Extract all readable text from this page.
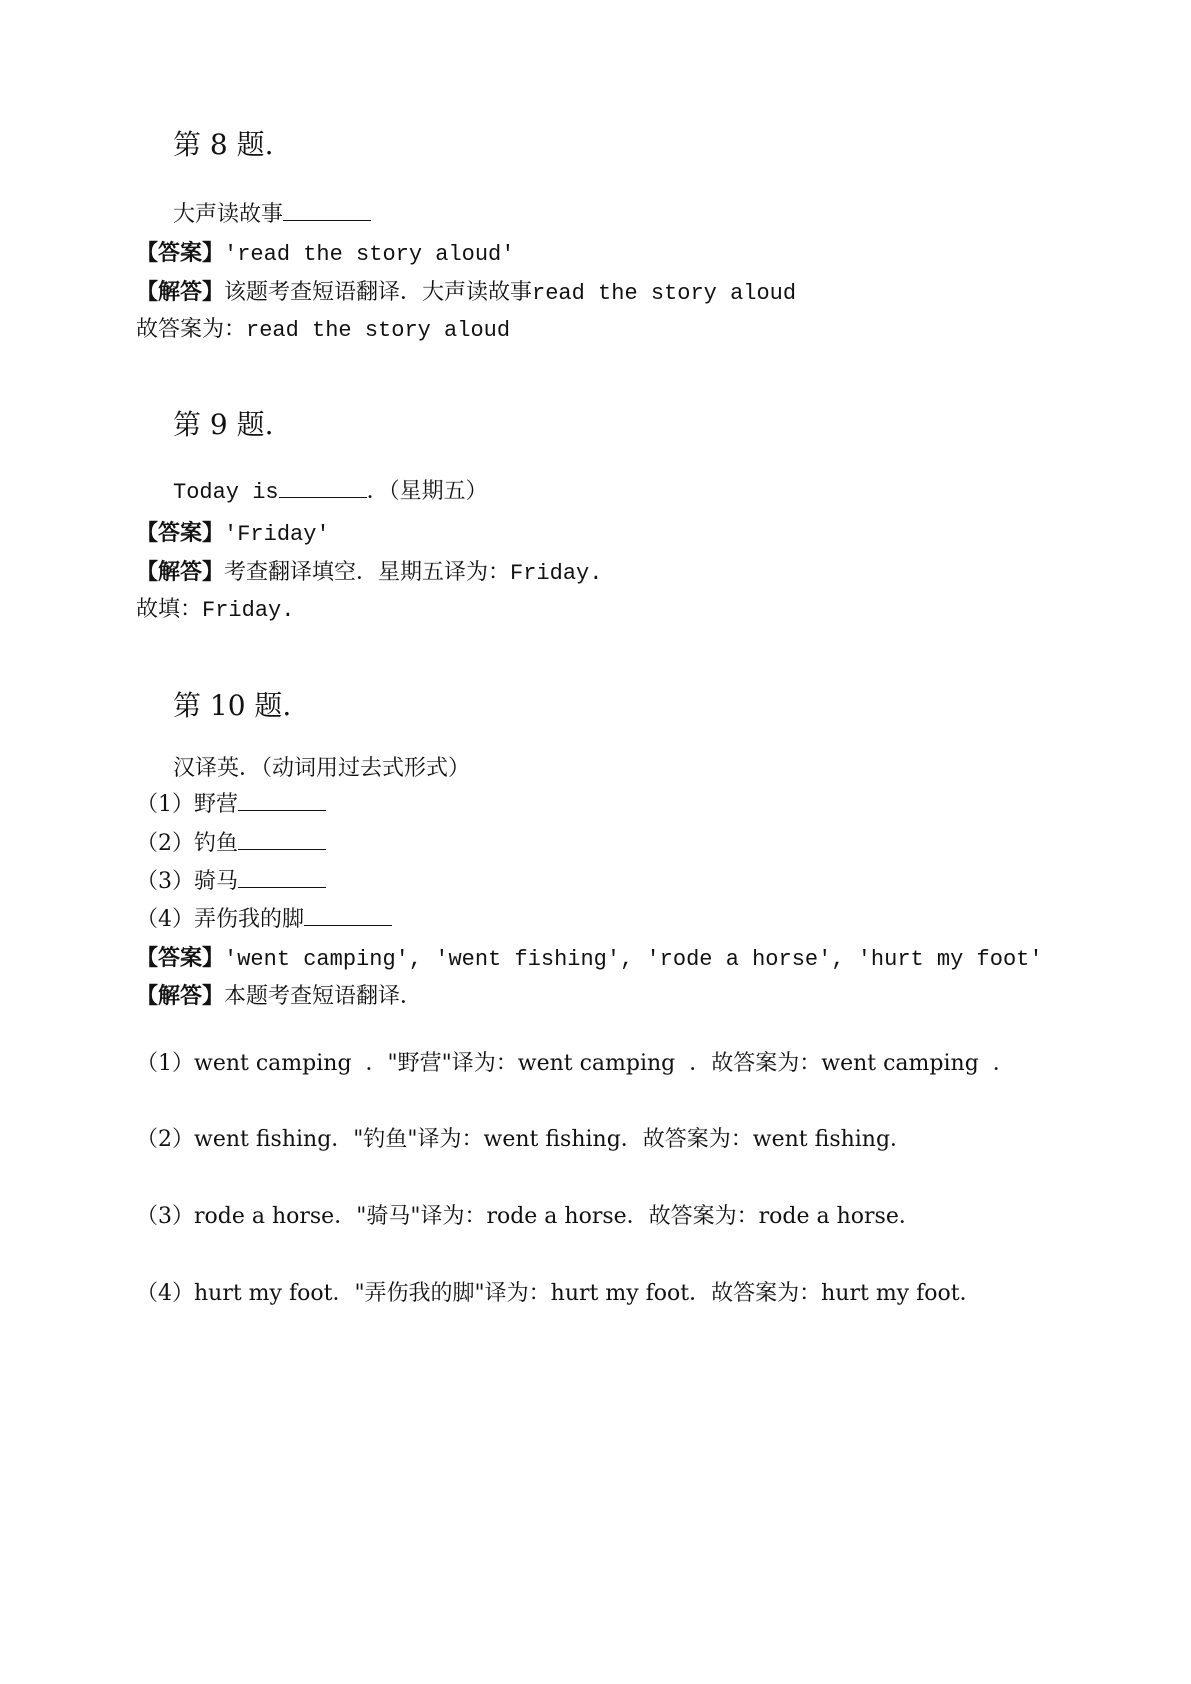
第 8 题.
大声读故事
【答案】'read the story aloud'
【解答】该题考查短语翻译．大声读故事read the story aloud
故答案为：read the story aloud
第 9 题.
Today is	．（星期五）
【答案】'Friday'
【解答】考查翻译填空．星期五译为：Friday.
故填：Friday.
第 10 题.
汉译英．（动词用过去式形式）
（1）野营
（2）钓鱼
（3）骑马
（4）弄伤我的脚
【答案】'went camping', 'went fishing', 'rode a horse', 'hurt my foot'
【解答】本题考查短语翻译．
（1）went camping  ．"野营"译为：went camping  ．故答案为：went camping  ．
（2）went fishing．"钓鱼"译为：went fishing．故答案为：went fishing．
（3）rode a horse．"骑马"译为：rode a horse．故答案为：rode a horse．
（4）hurt my foot．"弄伤我的脚"译为：hurt my foot．故答案为：hurt my foot．
